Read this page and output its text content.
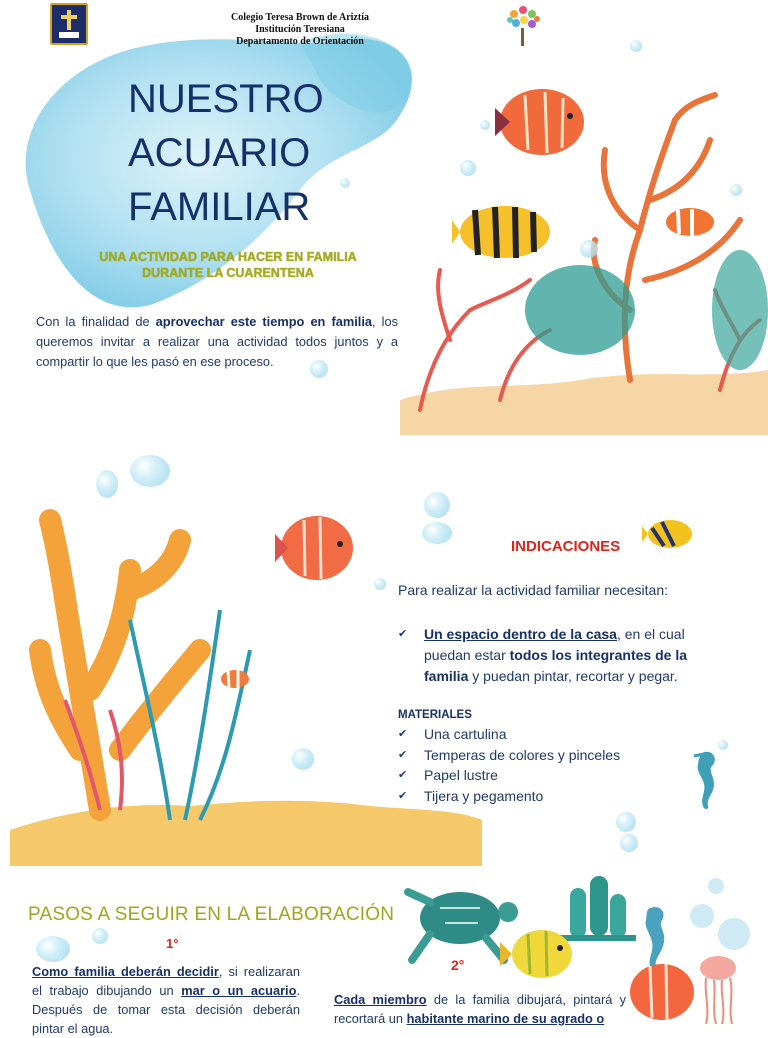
Colegio Teresa Brown de Ariztía
Institución Teresiana
Departamento de Orientación
NUESTRO
ACUARIO
FAMILIAR
UNA ACTIVIDAD PARA HACER EN FAMILIA
DURANTE LA CUARENTENA
Con la finalidad de aprovechar este tiempo en familia, los queremos invitar a realizar una actividad todos juntos y a compartir lo que les pasó en ese proceso.
INDICACIONES
Para realizar la actividad familiar necesitan:
✔	Un espacio dentro de la casa, en el cual puedan estar todos los integrantes de la familia y puedan pintar, recortar y pegar.
MATERIALES
✔ Una cartulina
✔ Temperas de colores y pinceles
✔ Papel lustre
✔ Tijera y pegamento
PASOS A SEGUIR EN LA ELABORACIÓN
1°
Como familia deberán decidir, si realizaran el trabajo dibujando un mar o un acuario. Después de tomar esta decisión deberán pintar el agua.
2°
Cada miembro de la familia dibujará, pintará y recortará un habitante marino de su agrado o
